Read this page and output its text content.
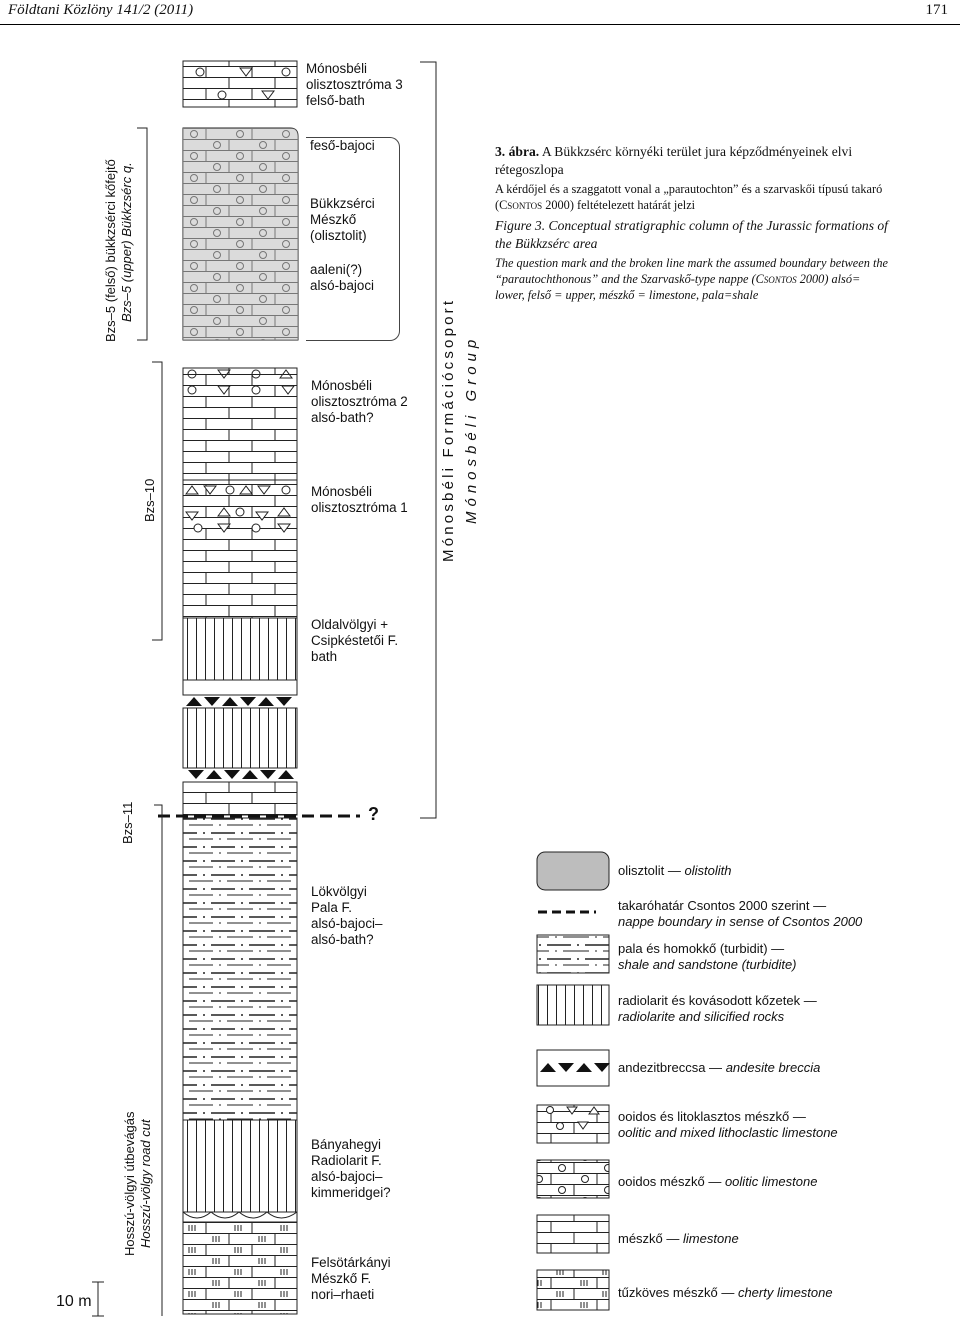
Földtani Közlöny 141/2 (2011)	171
3. ábra. A Bükkzsérc környéki terület jura képződményeinek elvi rétegoszlopa
A kérdőjel és a szaggatott vonal a „parautochton” és a szarvaskői típusú takaró (Csontos 2000) feltételezett határát jelzi
Figure 3. Conceptual stratigraphic column of the Jurassic formations of the Bükkzsérc area
The question mark and the broken line mark the assumed boundary between the “parautochthonous” and the Szarvaskő-type nappe (Csontos 2000) alsó= lower, felső = upper, mészkő = limestone, pala=shale
?
Mónosbéli
olisztosztróma 3
felső-bath
feső-bajoci
Bükkzsérci
Mészkő
(olisztolit)
aaleni(?)
alsó-bajoci
Mónosbéli
olisztosztróma 2
alsó-bath?
Mónosbéli
olisztosztróma 1
Oldalvölgyi +
Csipkéstetői F.
bath
Lökvölgyi
Pala F.
alsó-bajoci–
alsó-bath?
Bányahegyi
Radiolarit F.
alsó-bajoci–
kimmeridgei?
Felsötárkányi
Mészkő F.
nori–rhaeti
Bzs–5 (felső) bükkzsérci kőfejtő Bzs–5 (upper) Bükkzsérc q.
Bzs–10
Bzs–11
Hosszú-völgyi útbevágás Hosszú-völgy road cut
Mónosbéli Formációcsoport Mónosbéli Group
10 m
olisztolit — olistolith
takaróhatár Csontos 2000 szerint —
nappe boundary in sense of Csontos 2000
pala és homokkő (turbidit) —
shale and sandstone (turbidite)
radiolarit és kovásodott kőzetek —
radiolarite and silicified rocks
andezitbreccsa — andesite breccia
ooidos és litoklasztos mészkő —
oolitic and mixed lithoclastic limestone
ooidos mészkő — oolitic limestone
mészkő — limestone
tűzköves mészkő — cherty limestone
